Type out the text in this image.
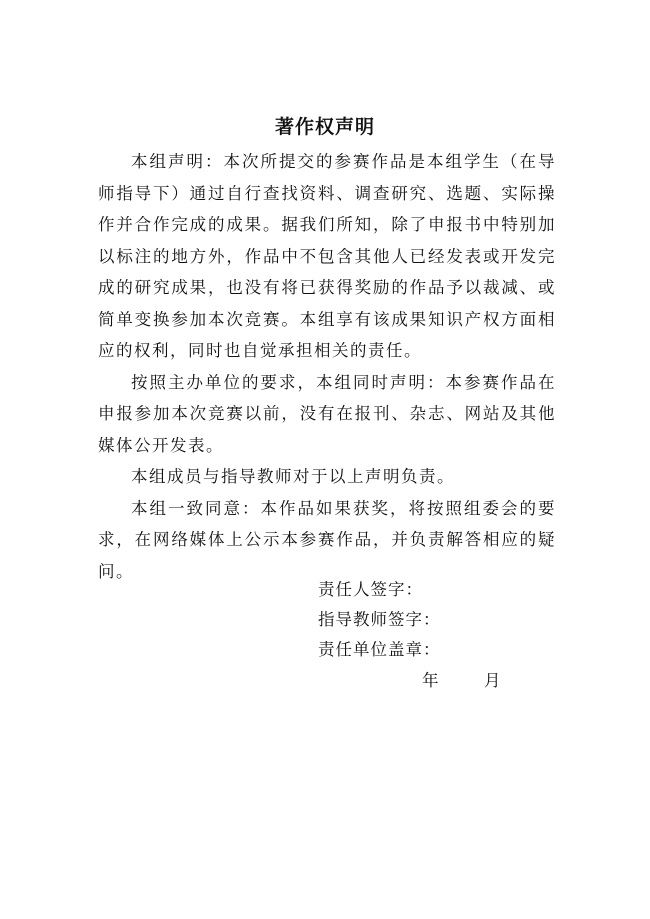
著作权声明

本组声明：本次所提交的参赛作品是本组学生（在导师指导下）通过自行查找资料、调查研究、选题、实际操作并合作完成的成果。据我们所知，除了申报书中特别加以标注的地方外，作品中不包含其他人已经发表或开发完成的研究成果，也没有将已获得奖励的作品予以裁减、或简单变换参加本次竞赛。本组享有该成果知识产权方面相应的权利，同时也自觉承担相关的责任。

按照主办单位的要求，本组同时声明：本参赛作品在申报参加本次竞赛以前，没有在报刊、杂志、网站及其他媒体公开发表。

本组成员与指导教师对于以上声明负责。

本组一致同意：本作品如果获奖，将按照组委会的要求，在网络媒体上公示本参赛作品，并负责解答相应的疑问。

责任人签字：
指导教师签字：
责任单位盖章：
年	月
